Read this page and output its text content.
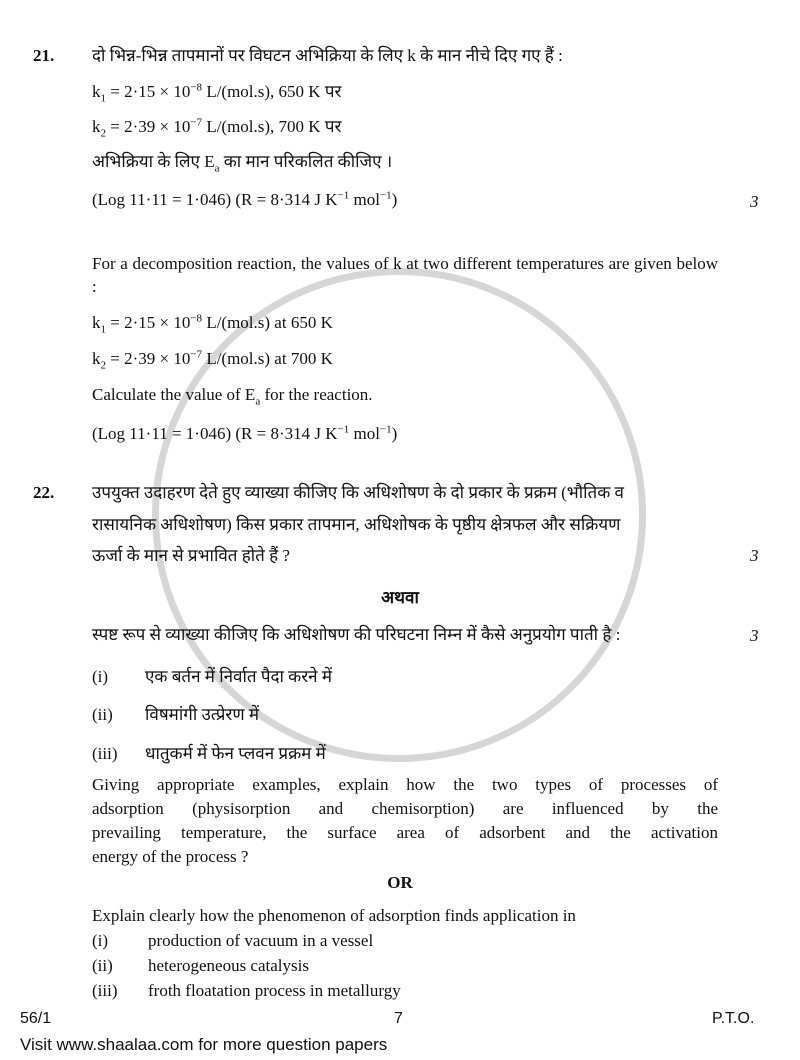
21. दो भिन्न-भिन्न तापमानों पर विघटन अभिक्रिया के लिए k के मान नीचे दिए गए हैं :
$k_1 = 2\cdot 15 \times 10^{-8}$ L/(mol.s), 650 K पर
$k_2 = 2\cdot 39 \times 10^{-7}$ L/(mol.s), 700 K पर
अभिक्रिया के लिए $E_a$ का मान परिकलित कीजिए ।
(Log 11·11 = 1·046) (R = 8·314 J $K^{-1}$ mol$^{-1}$)	3
For a decomposition reaction, the values of k at two different temperatures are given below :
$k_1 = 2\cdot 15 \times 10^{-8}$ L/(mol.s) at 650 K
$k_2 = 2\cdot 39 \times 10^{-7}$ L/(mol.s) at 700 K
Calculate the value of $E_a$ for the reaction.
(Log 11·11 = 1·046) (R = 8·314 J $K^{-1}$ mol$^{-1}$)
22. उपयुक्त उदाहरण देते हुए व्याख्या कीजिए कि अधिशोषण के दो प्रकार के प्रक्रम (भौतिक व
रासायनिक अधिशोषण) किस प्रकार तापमान, अधिशोषक के पृष्ठीय क्षेत्रफल और सक्रियण
ऊर्जा के मान से प्रभावित होते हैं ?	3
अथवा
स्पष्ट रूप से व्याख्या कीजिए कि अधिशोषण की परिघटना निम्न में कैसे अनुप्रयोग पाती है :	3
(i) एक बर्तन में निर्वात पैदा करने में
(ii) विषमांगी उत्प्रेरण में
(iii) धातुकर्म में फेन प्लवन प्रक्रम में
Giving appropriate examples, explain how the two types of processes of
adsorption (physisorption and chemisorption) are influenced by the
prevailing temperature, the surface area of adsorbent and the activation
energy of the process ?
OR
Explain clearly how the phenomenon of adsorption finds application in
(i) production of vacuum in a vessel
(ii) heterogeneous catalysis
(iii) froth floatation process in metallurgy
56/1	7	P.T.O.
Visit www.shaalaa.com for more question papers
